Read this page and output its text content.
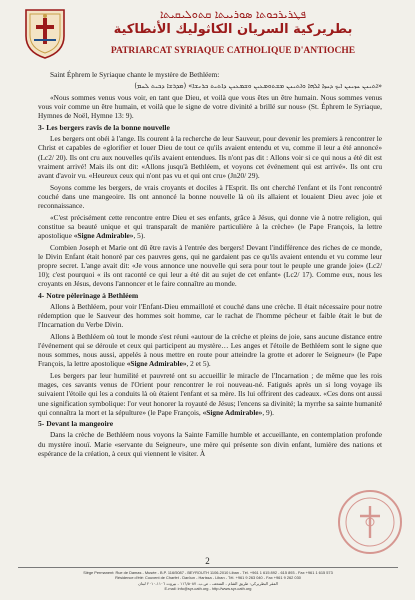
ܦܛܪܝܪܟܘܬܐ ܣܘܪܝܝܬܐ ܩܬܘܠܝܩܝܬܐ
بطريركية السريان الكاثوليك الأنطاكية
PATRIARCAT SYRIAQUE CATHOLIQUE D'ANTIOCHE

Saint Éphrem le Syriaque chante le mystère de Bethléem:

«ܐܬܝܢܢ ܚܙܝܢܢ ܐܝܟ ܕܚܙܐ ܐܠܗܐ ܘܐܬܝܢܢ ܡܫܬܘܡܥܝܢ ܘܫܡܥܢܢ ܕܐܬܝܬ ܒܪܢܫܐ» (ܡܕܪܫܐ ܕܒܝܬ ܠܚܡ)

«Nous sommes venus vous voir, en tant que Dieu, et voilà que vous êtes un être humain. Nous sommes venus vous voir comme un être humain, et voilà que le signe de votre divinité a brillé sur nous» (St. Éphrem le Syriaque, Hymnes de Noël, Hymne 13: 9).

3- Les bergers ravis de la bonne nouvelle

Les bergers ont obéi à l'ange. Ils courent à la recherche de leur Sauveur, pour devenir les premiers à rencontrer le Christ et capables de «glorifier et louer Dieu de tout ce qu'ils avaient entendu et vu, comme il leur a été annoncé» (Lc2/ 20). Ils ont cru aux nouvelles qu'ils avaient entendues. Ils n'ont pas dit : Allons voir si ce qui nous a été dit est vraiment arrivé! Mais ils ont dit: «Allons jusqu'à Bethléem, et voyons cet événement qui est arrivé». Ils ont cru avant d'avoir vu. «Heureux ceux qui n'ont pas vu et qui ont cru» (Jn20/ 29).

Soyons comme les bergers, de vrais croyants et dociles à l'Esprit. Ils ont cherché l'enfant et ils l'ont rencontré couché dans une mangeoire. Ils ont annoncé la bonne nouvelle là où ils allaient et louaient Dieu avec joie et reconnaissance.

«C'est précisément cette rencontre entre Dieu et ses enfants, grâce à Jésus, qui donne vie à notre religion, qui constitue sa beauté unique et qui transparaît de manière particulière à la crèche» (le Pape François, la lettre apostolique «Signe Admirable», 5).

Combien Joseph et Marie ont dû être ravis à l'entrée des bergers! Devant l'indifférence des riches de ce monde, le Divin Enfant était honoré par ces pauvres gens, qui ne gardaient pas ce qu'ils avaient entendu et vu comme leur propre secret. L'ange avait dit: «Je vous annonce une nouvelle qui sera pour tout le peuple une grande joie» (Lc2/ 10); c'est pourquoi « ils ont raconté ce qui leur a été dit au sujet de cet enfant» (Lc2/ 17). Comme eux, nous les croyants en Jésus, devons l'annoncer et le faire connaître au monde.

4- Notre pèlerinage à Bethléem

Allons à Bethléem, pour voir l'Enfant-Dieu emmailloté et couché dans une crèche. Il était nécessaire pour notre rédemption que le Sauveur des hommes soit homme, car le rachat de l'homme pécheur et faible était le but de l'Incarnation du Verbe Divin.

Allons à Bethléem où tout le monde s'est réuni «autour de la crèche et pleins de joie, sans aucune distance entre l'événement qui se déroule et ceux qui participent au mystère… Les anges et l'étoile de Bethléem sont le signe que nous sommes, nous aussi, appelés à nous mettre en route pour atteindre la grotte et adorer le Seigneur» (le Pape François, la lettre apostolique «Signe Admirable», 2 et 5).

Les bergers par leur humilité et pauvreté ont su accueillir le miracle de l'Incarnation ; de même que les rois mages, ces savants venus de l'Orient pour rencontrer le roi nouveau-né. Fatigués après un si long voyage ils suivaient l'étoile qui les a conduits là où étaient l'enfant et sa mère. Ils lui offrirent des cadeaux. «Ces dons ont aussi une signification symbolique: l'or veut honorer la royauté de Jésus; l'encens sa divinité; la myrrhe sa sainte humanité qui connaîtra la mort et la sépulture» (le Pape François, «Signe Admirable», 9).

5- Devant la mangeoire

Dans la crèche de Bethléem nous voyons la Sainte Famille humble et accueillante, en contemplation profonde du mystère inouï. Marie «servante du Seigneur», une mère qui présente son divin enfant, lumière des nations et espérance de la création, à ceux qui viennent le visiter. À

2
Siège Permanent: Rue de Damas - Musée - B.P. 116/5087 - BEYROUTH 1106-2010 Liban - Tél. +961 1 615 892 - 615 893 - Fax +961 1 615 573
Résidence d'été: Couvent de Charfet - Darôun - Harissa - Liban - Tél. +961 9 263 040 - Fax +961 9 262 030
المقر البطريركي: طريق الشام - المتحف - ص.ب. ١١٦/٥٠٨٧ - بيروت ١١٠٦-٢٠١٠ لبنان
E-mail: info@syr-cath.org - http://www.syr-cath.org
